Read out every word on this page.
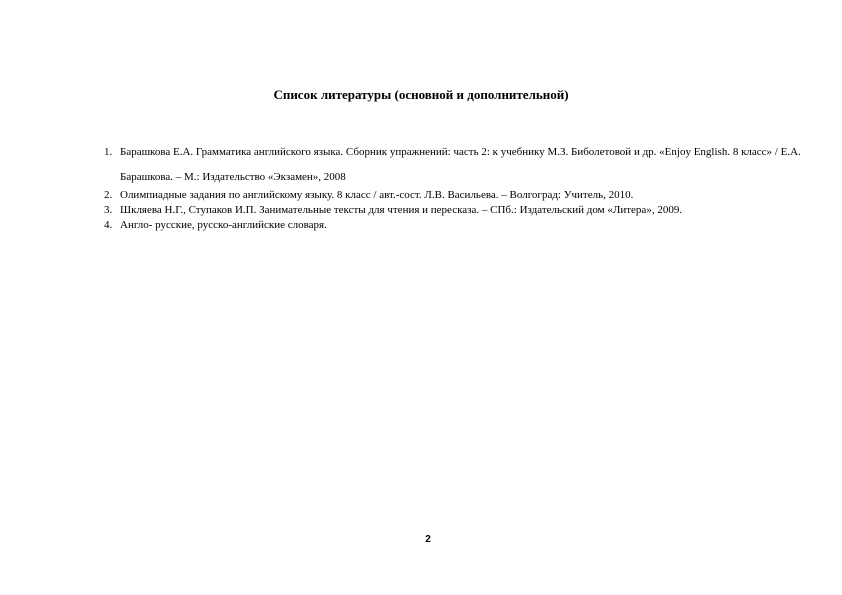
Список литературы (основной и дополнительной)
1. Барашкова Е.А. Грамматика английского языка. Сборник упражнений: часть 2: к учебнику М.З. Биболетовой и др. «Enjoy English. 8 класс» / Е.А. Барашкова. – М.: Издательство «Экзамен», 2008
2. Олимпиадные задания по английскому языку. 8 класс / авт.-сост. Л.В. Васильева. – Волгоград: Учитель, 2010.
3. Шкляева Н.Г., Ступаков И.П. Занимательные тексты для чтения и пересказа. – СПб.: Издательский дом «Литера», 2009.
4. Англо- русские, русско-английские словаря.
2
